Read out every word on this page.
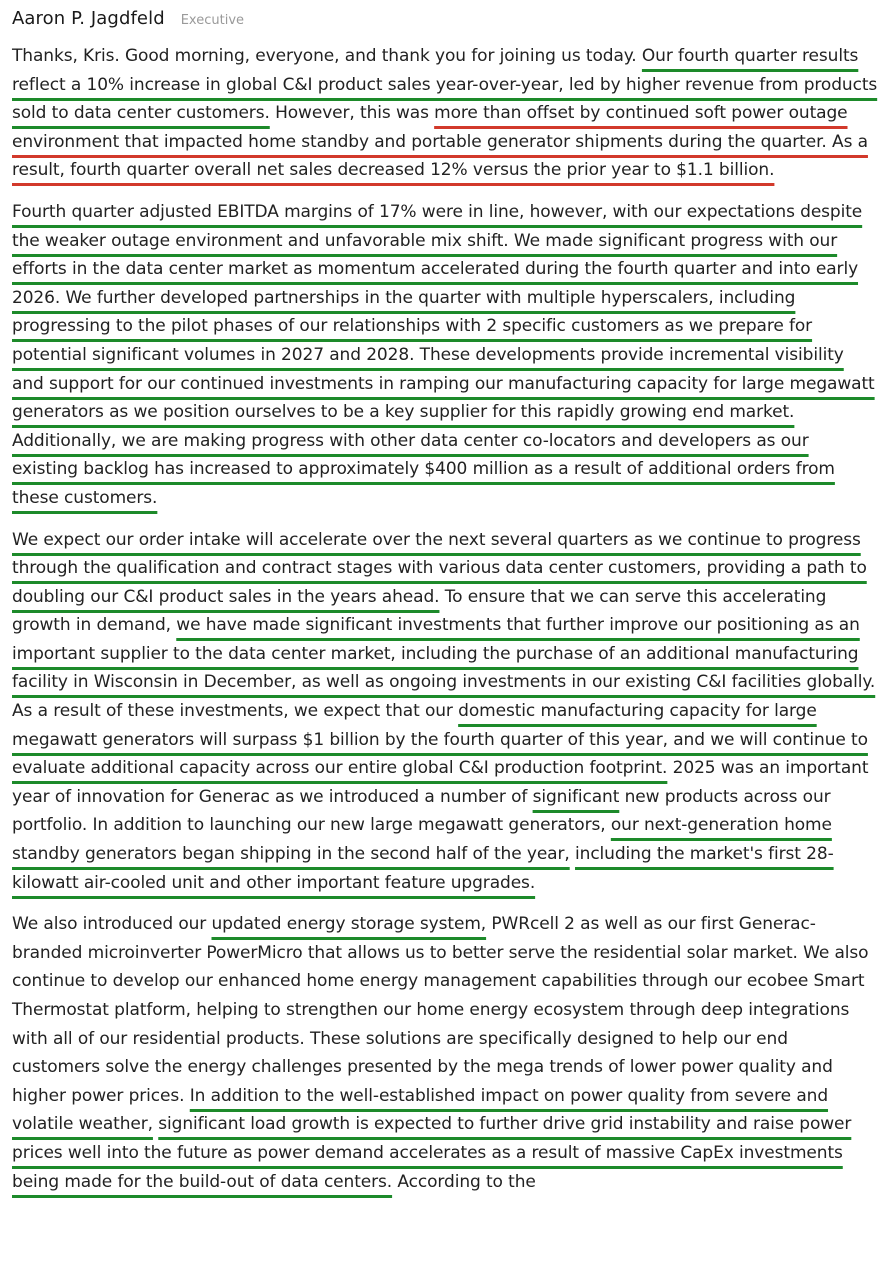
Aaron P. Jagdfeld Executive

Thanks, Kris. Good morning, everyone, and thank you for joining us today. Our fourth quarter results reflect a 10% increase in global C&I product sales year-over-year, led by higher revenue from products sold to data center customers. However, this was more than offset by continued soft power outage environment that impacted home standby and portable generator shipments during the quarter. As a result, fourth quarter overall net sales decreased 12% versus the prior year to $1.1 billion.

Fourth quarter adjusted EBITDA margins of 17% were in line, however, with our expectations despite the weaker outage environment and unfavorable mix shift. We made significant progress with our efforts in the data center market as momentum accelerated during the fourth quarter and into early 2026. We further developed partnerships in the quarter with multiple hyperscalers, including progressing to the pilot phases of our relationships with 2 specific customers as we prepare for potential significant volumes in 2027 and 2028. These developments provide incremental visibility and support for our continued investments in ramping our manufacturing capacity for large megawatt generators as we position ourselves to be a key supplier for this rapidly growing end market. Additionally, we are making progress with other data center co-locators and developers as our existing backlog has increased to approximately $400 million as a result of additional orders from these customers.

We expect our order intake will accelerate over the next several quarters as we continue to progress through the qualification and contract stages with various data center customers, providing a path to doubling our C&I product sales in the years ahead. To ensure that we can serve this accelerating growth in demand, we have made significant investments that further improve our positioning as an important supplier to the data center market, including the purchase of an additional manufacturing facility in Wisconsin in December, as well as ongoing investments in our existing C&I facilities globally. As a result of these investments, we expect that our domestic manufacturing capacity for large megawatt generators will surpass $1 billion by the fourth quarter of this year, and we will continue to evaluate additional capacity across our entire global C&I production footprint. 2025 was an important year of innovation for Generac as we introduced a number of significant new products across our portfolio. In addition to launching our new large megawatt generators, our next-generation home standby generators began shipping in the second half of the year, including the market's first 28-kilowatt air-cooled unit and other important feature upgrades.

We also introduced our updated energy storage system, PWRcell 2 as well as our first Generac-branded microinverter PowerMicro that allows us to better serve the residential solar market. We also continue to develop our enhanced home energy management capabilities through our ecobee Smart Thermostat platform, helping to strengthen our home energy ecosystem through deep integrations with all of our residential products. These solutions are specifically designed to help our end customers solve the energy challenges presented by the mega trends of lower power quality and higher power prices. In addition to the well-established impact on power quality from severe and volatile weather, significant load growth is expected to further drive grid instability and raise power prices well into the future as power demand accelerates as a result of massive CapEx investments being made for the build-out of data centers. According to the
